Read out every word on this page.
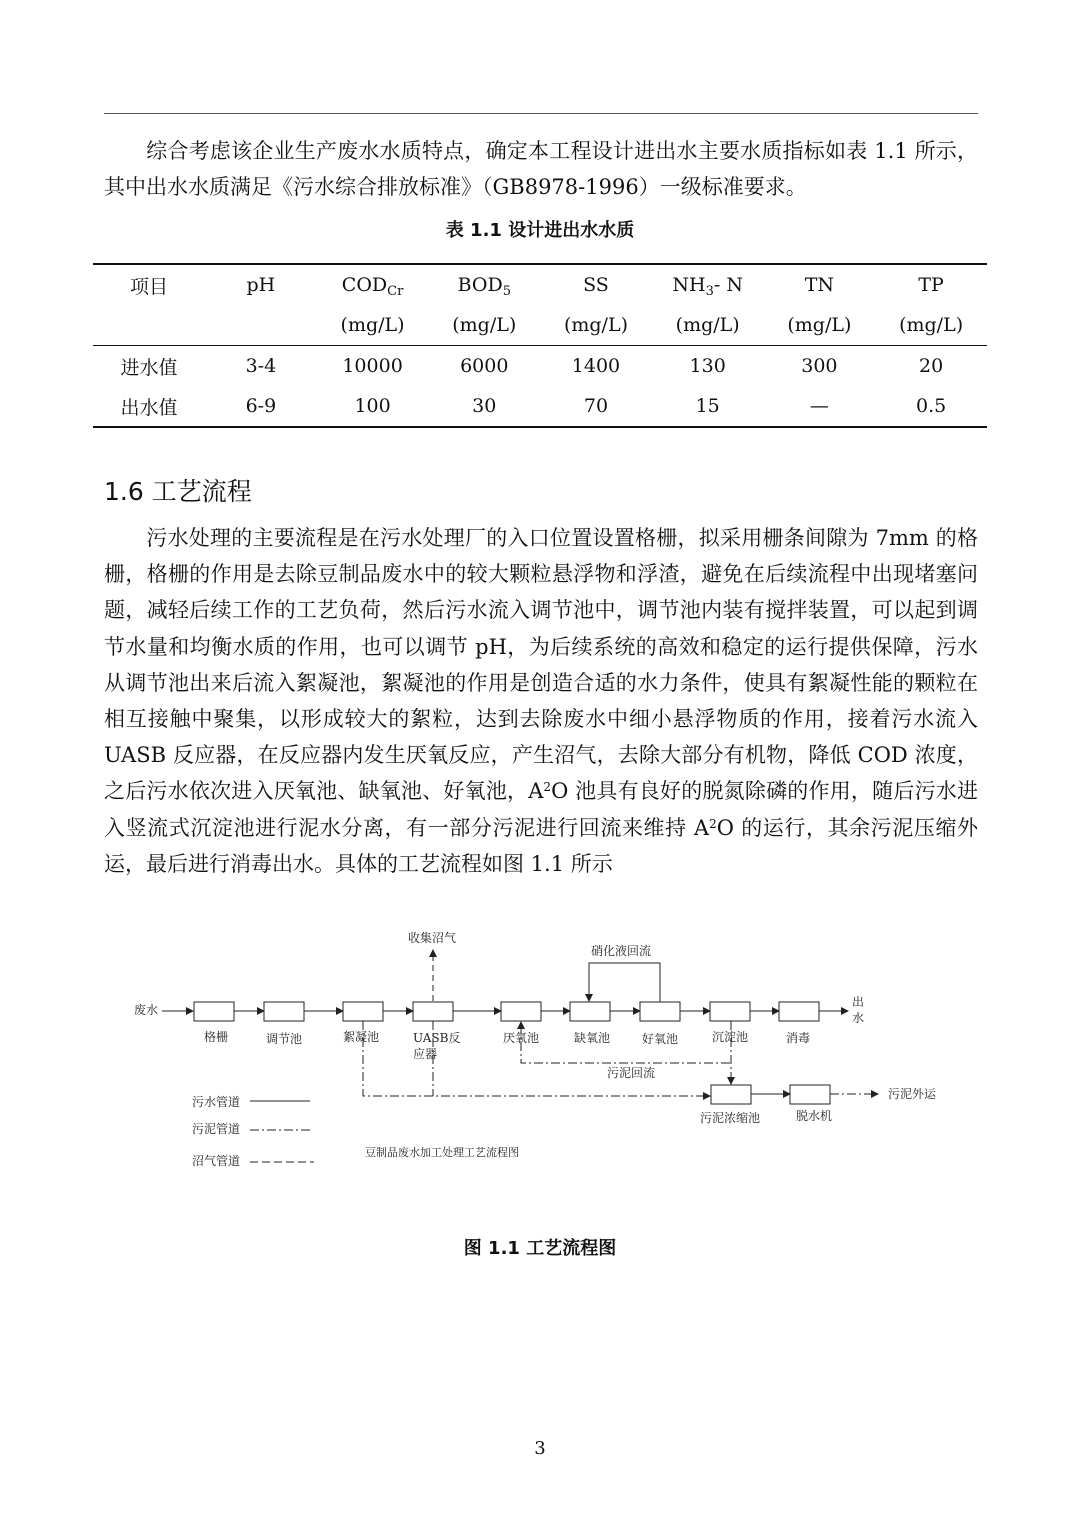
综合考虑该企业生产废水水质特点，确定本工程设计进出水主要水质指标如表 1.1 所示，其中出水水质满足《污水综合排放标准》（GB8978-1996）一级标准要求。

表 1.1 设计进出水水质
项目	pH	$COD_{Cr}$	$BOD_5$	SS	$NH_3-$ N	TN	TP
		(mg/L)	(mg/L)	(mg/L)	(mg/L)	(mg/L)	(mg/L)
进水值	3-4	10000	6000	1400	130	300	20
出水值	6-9	100	30	70	15	—	0.5
1.6 工艺流程

污水处理的主要流程是在污水处理厂的入口位置设置格栅，拟采用栅条间隙为 7mm 的格栅，格栅的作用是去除豆制品废水中的较大颗粒悬浮物和浮渣，避免在后续流程中出现堵塞问题，减轻后续工作的工艺负荷，然后污水流入调节池中，调节池内装有搅拌装置，可以起到调节水量和均衡水质的作用，也可以调节 pH，为后续系统的高效和稳定的运行提供保障，污水从调节池出来后流入絮凝池，絮凝池的作用是创造合适的水力条件，使具有絮凝性能的颗粒在相互接触中聚集，以形成较大的絮粒，达到去除废水中细小悬浮物质的作用，接着污水流入 UASB 反应器，在反应器内发生厌氧反应，产生沼气，去除大部分有机物，降低 COD 浓度，之后污水依次进入厌氧池、缺氧池、好氧池，$A^2O$ 池具有良好的脱氮除磷的作用，随后污水进入竖流式沉淀池进行泥水分离，有一部分污泥进行回流来维持 $A^2O$ 的运行，其余污泥压缩外运，最后进行消毒出水。具体的工艺流程如图 1.1 所示

废水
收集沼气
硝化液回流
出
水
格栅	调节池	絮凝池	UASB反
应器
厌氧池	缺氧池	好氧池	沉淀池	消毒
污泥回流
污泥浓缩池	脱水机
污泥外运
污水管道
污泥管道
沼气管道
豆制品废水加工处理工艺流程图
图 1.1 工艺流程图
3
